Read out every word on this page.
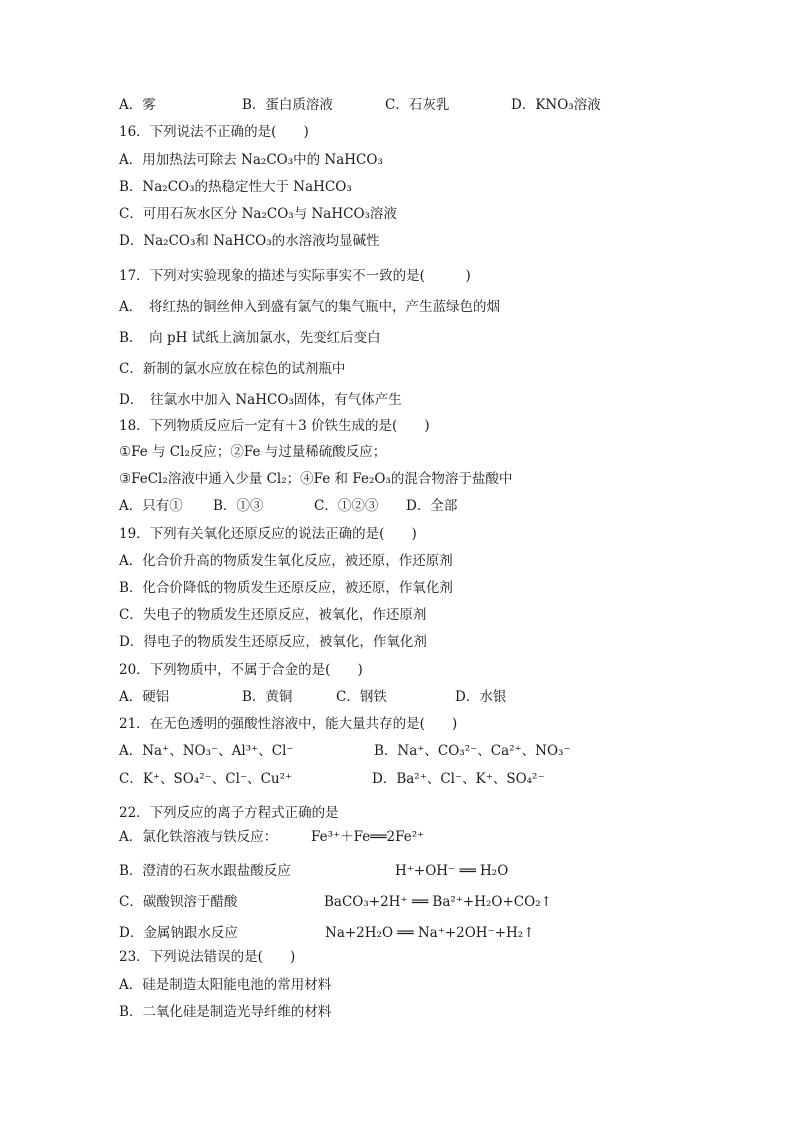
A．雾	B．蛋白质溶液	C．石灰乳	D．KNO₃溶液
16．下列说法不正确的是(　　)
A．用加热法可除去 Na₂CO₃中的 NaHCO₃
B．Na₂CO₃的热稳定性大于 NaHCO₃
C．可用石灰水区分 Na₂CO₃与 NaHCO₃溶液
D．Na₂CO₃和 NaHCO₃的水溶液均显碱性
17．下列对实验现象的描述与实际事实不一致的是(　　　)
A．　将红热的铜丝伸入到盛有氯气的集气瓶中，产生蓝绿色的烟
B．　向 pH 试纸上滴加氯水，先变红后变白
C．新制的氯水应放在棕色的试剂瓶中
D．　往氯水中加入 NaHCO₃固体，有气体产生
18．下列物质反应后一定有＋3 价铁生成的是(　　)
①Fe 与 Cl₂反应；②Fe 与过量稀硫酸反应；
③FeCl₂溶液中通入少量 Cl₂；④Fe 和 Fe₂O₃的混合物溶于盐酸中
A．只有① B．①③	C．①②③ D．全部
19．下列有关氧化还原反应的说法正确的是(　　)
A．化合价升高的物质发生氧化反应，被还原，作还原剂
B．化合价降低的物质发生还原反应，被还原，作氧化剂
C．失电子的物质发生还原反应，被氧化，作还原剂
D．得电子的物质发生还原反应，被氧化，作氧化剂
20．下列物质中，不属于合金的是(　　)
A．硬铝	B．黄铜	C．钢铁	D．水银
21．在无色透明的强酸性溶液中，能大量共存的是(　　)
A．Na⁺、NO₃⁻、Al³⁺、Cl⁻	B．Na⁺、CO₃²⁻、Ca²⁺、NO₃⁻
C．K⁺、SO₄²⁻、Cl⁻、Cu²⁺	D．Ba²⁺、Cl⁻、K⁺、SO₄²⁻
22．下列反应的离子方程式正确的是
A．氯化铁溶液与铁反应：	Fe³⁺＋Fe══2Fe²⁺
B．澄清的石灰水跟盐酸反应	H⁺+OH⁻ ══ H₂O
C．碳酸钡溶于醋酸	BaCO₃+2H⁺ ══ Ba²⁺+H₂O+CO₂↑
D．金属钠跟水反应	Na+2H₂O ══ Na⁺+2OH⁻+H₂↑
23．下列说法错误的是(　　)
A．硅是制造太阳能电池的常用材料
B．二氧化硅是制造光导纤维的材料
